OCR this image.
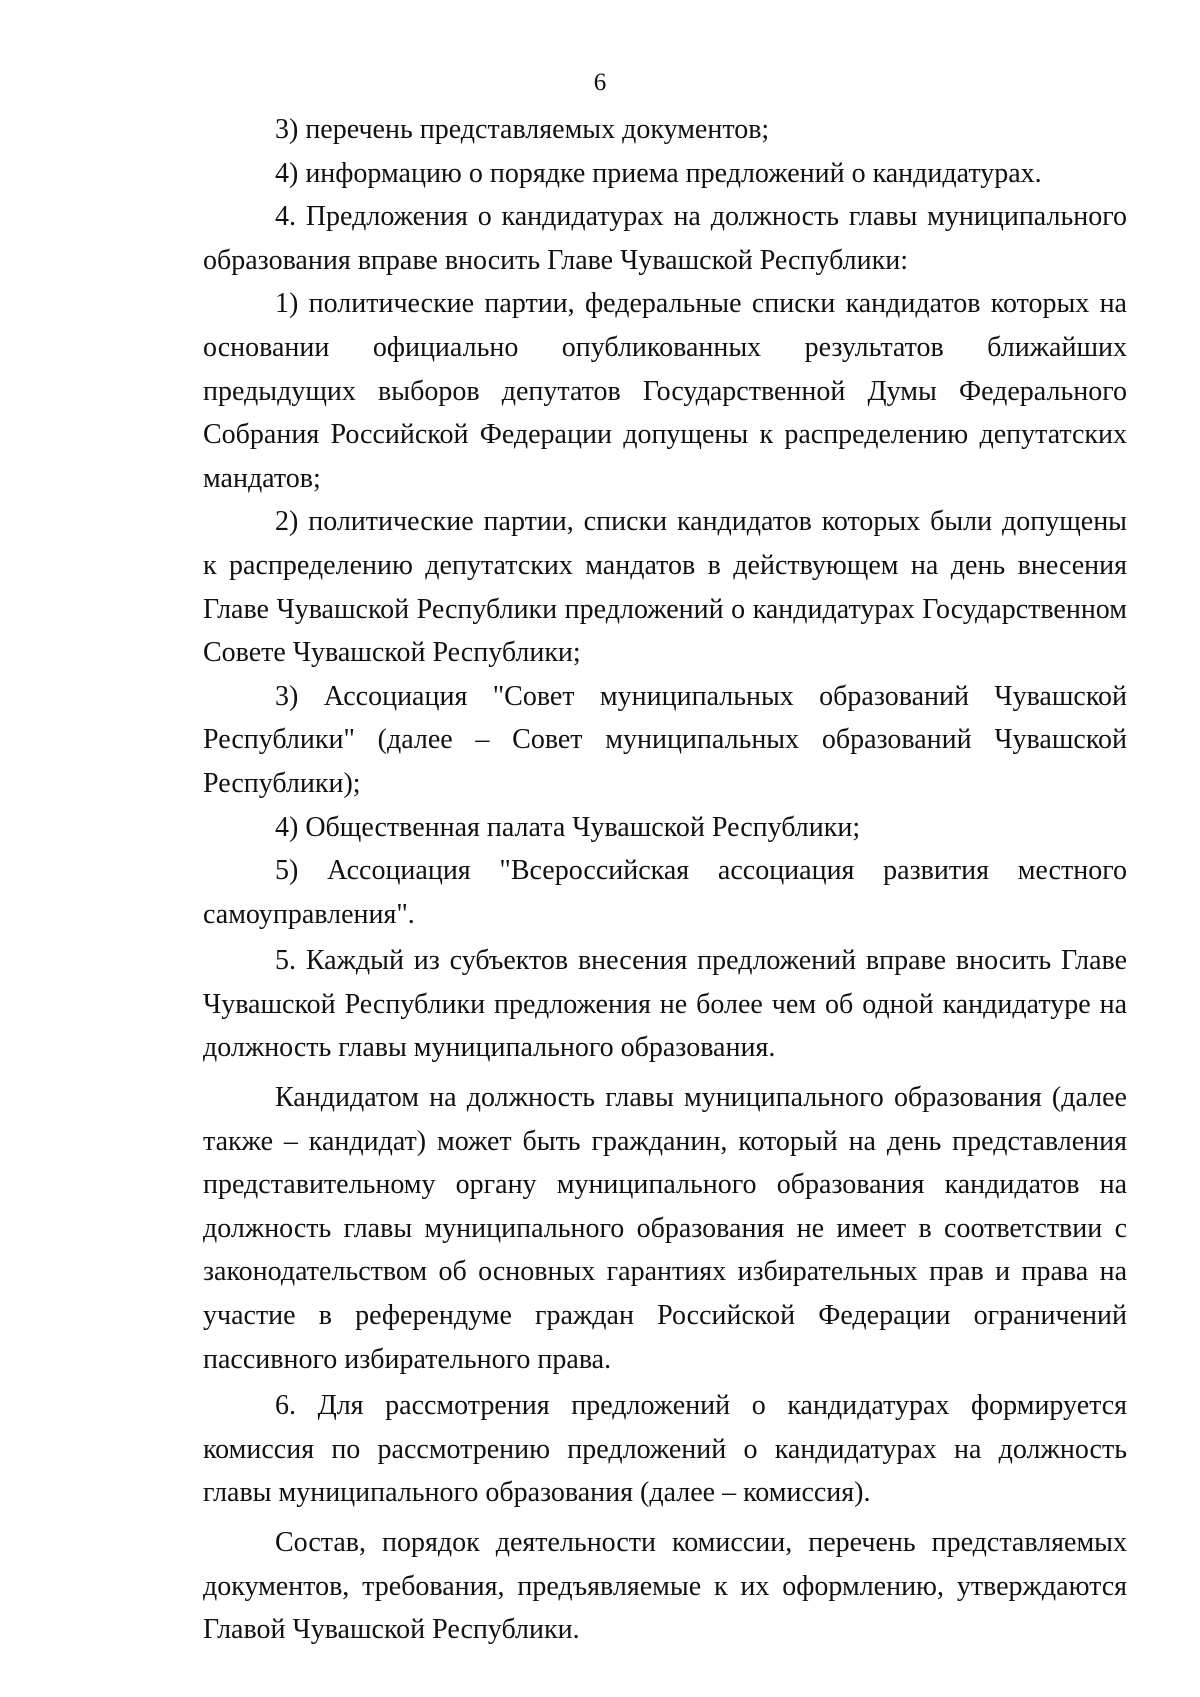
6

3) перечень представляемых документов;

4) информацию о порядке приема предложений о кандидатурах.

4. Предложения о кандидатурах на должность главы муниципального образования вправе вносить Главе Чувашской Республики:

1) политические партии, федеральные списки кандидатов которых на основании официально опубликованных результатов ближайших предыдущих выборов депутатов Государственной Думы Федерального Собрания Российской Федерации допущены к распределению депутатских мандатов;

2) политические партии, списки кандидатов которых были допущены к распределению депутатских мандатов в действующем на день внесения Главе Чувашской Республики предложений о кандидатурах Государственном Совете Чувашской Республики;

3) Ассоциация "Совет муниципальных образований Чувашской Республики" (далее – Совет муниципальных образований Чувашской Республики);

4) Общественная палата Чувашской Республики;

5) Ассоциация "Всероссийская ассоциация развития местного самоуправления".

5. Каждый из субъектов внесения предложений вправе вносить Главе Чувашской Республики предложения не более чем об одной кандидатуре на должность главы муниципального образования.

Кандидатом на должность главы муниципального образования (далее также – кандидат) может быть гражданин, который на день представления представительному органу муниципального образования кандидатов на должность главы муниципального образования не имеет в соответствии с законодательством об основных гарантиях избирательных прав и права на участие в референдуме граждан Российской Федерации ограничений пассивного избирательного права.

6. Для рассмотрения предложений о кандидатурах формируется комиссия по рассмотрению предложений о кандидатурах на должность главы муниципального образования (далее – комиссия).

Состав, порядок деятельности комиссии, перечень представляемых документов, требования, предъявляемые к их оформлению, утверждаются Главой Чувашской Республики.
